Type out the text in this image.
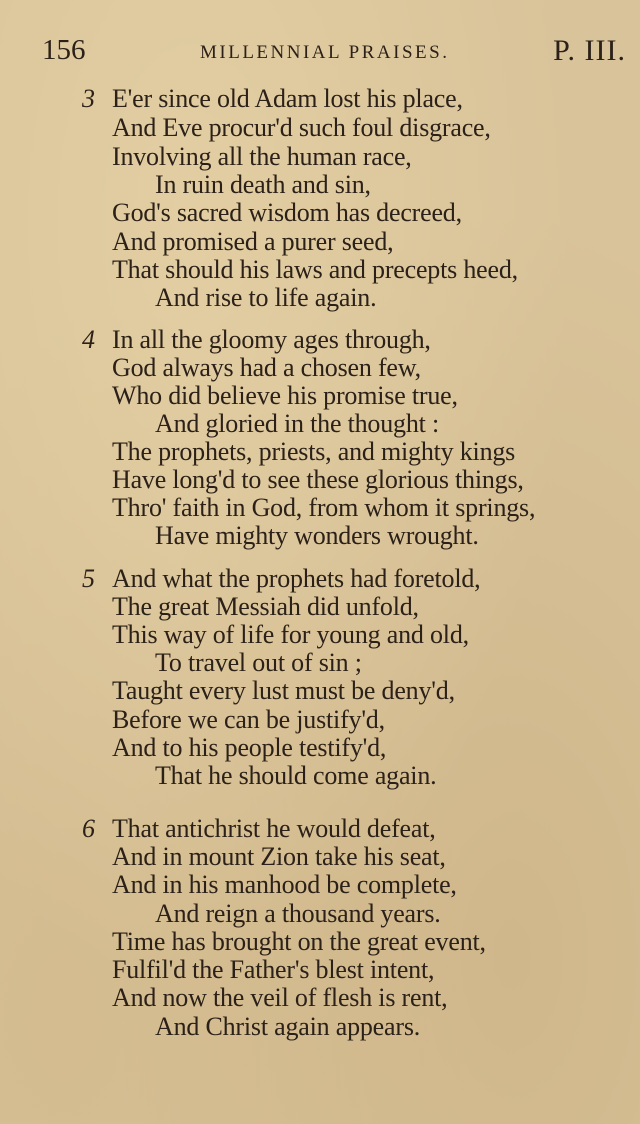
156	MILLENNIAL PRAISES.	P. III.
3 E'er since old Adam lost his place,
And Eve procur'd such foul disgrace,
Involving all the human race,
In ruin death and sin,
God's sacred wisdom has decreed,
And promised a purer seed,
That should his laws and precepts heed,
And rise to life again.
4 In all the gloomy ages through,
God always had a chosen few,
Who did believe his promise true,
And gloried in the thought :
The prophets, priests, and mighty kings
Have long'd to see these glorious things,
Thro' faith in God, from whom it springs,
Have mighty wonders wrought.
5 And what the prophets had foretold,
The great Messiah did unfold,
This way of life for young and old,
To travel out of sin ;
Taught every lust must be deny'd,
Before we can be justify'd,
And to his people testify'd,
That he should come again.
6 That antichrist he would defeat,
And in mount Zion take his seat,
And in his manhood be complete,
And reign a thousand years.
Time has brought on the great event,
Fulfil'd the Father's blest intent,
And now the veil of flesh is rent,
And Christ again appears.
